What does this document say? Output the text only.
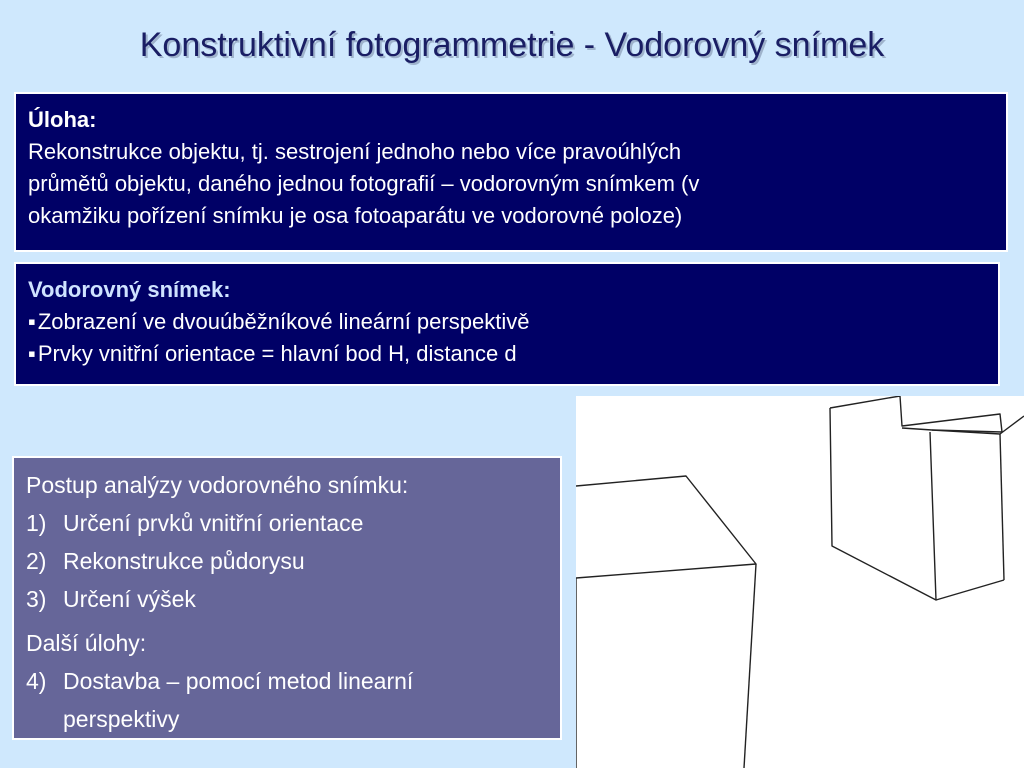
Konstruktivní fotogrammetrie - Vodorovný snímek
Úloha:
Rekonstrukce objektu, tj. sestrojení jednoho nebo více pravoúhlých
průmětů objektu, daného jednou fotografií – vodorovným snímkem (v
okamžiku pořízení snímku je osa fotoaparátu ve vodorovné poloze)
Vodorovný snímek:
▪ Zobrazení ve dvouúběžníkové lineární perspektivě
▪ Prvky vnitřní orientace = hlavní bod H, distance d
Postup analýzy vodorovného snímku:
1) Určení prvků vnitřní orientace
2) Rekonstrukce půdorysu
3) Určení výšek
Další úlohy:
4) Dostavba – pomocí metod linearní
perspektivy
